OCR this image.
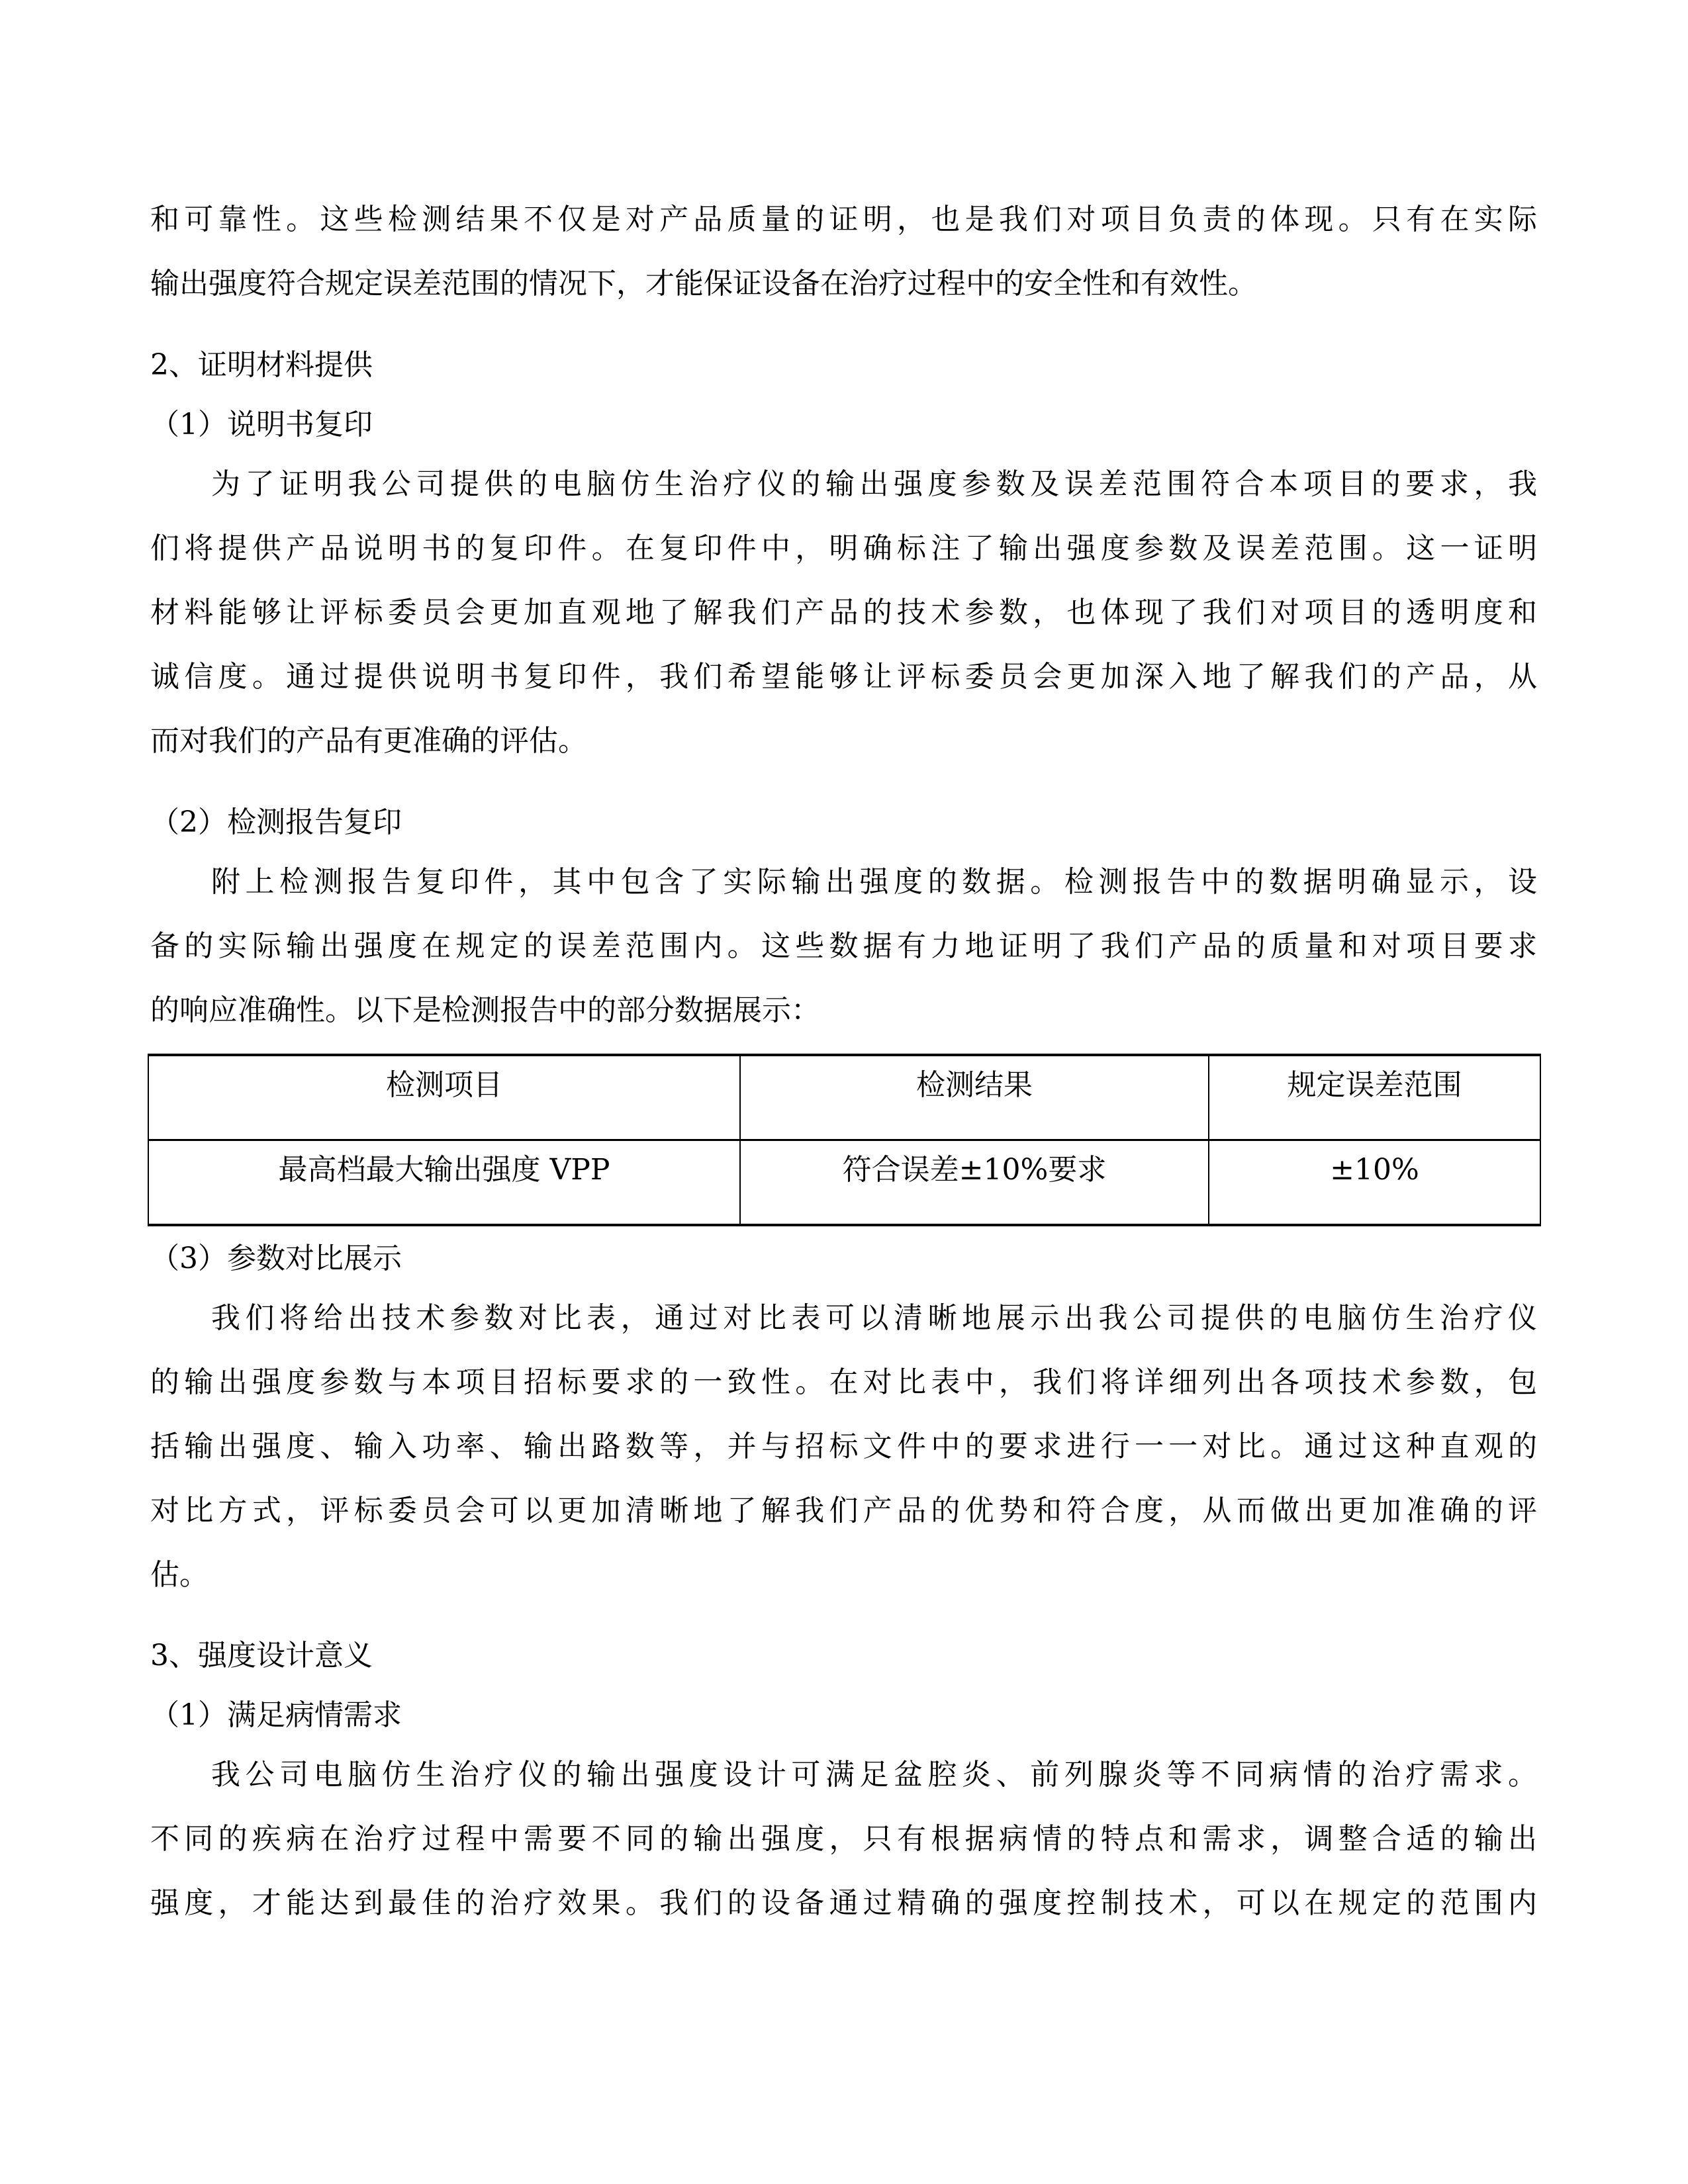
和可靠性。这些检测结果不仅是对产品质量的证明，也是我们对项目负责的体现。只有在实际
输出强度符合规定误差范围的情况下，才能保证设备在治疗过程中的安全性和有效性。
2、证明材料提供
（1）说明书复印
为了证明我公司提供的电脑仿生治疗仪的输出强度参数及误差范围符合本项目的要求，我
们将提供产品说明书的复印件。在复印件中，明确标注了输出强度参数及误差范围。这一证明
材料能够让评标委员会更加直观地了解我们产品的技术参数，也体现了我们对项目的透明度和
诚信度。通过提供说明书复印件，我们希望能够让评标委员会更加深入地了解我们的产品，从
而对我们的产品有更准确的评估。
（2）检测报告复印
附上检测报告复印件，其中包含了实际输出强度的数据。检测报告中的数据明确显示，设
备的实际输出强度在规定的误差范围内。这些数据有力地证明了我们产品的质量和对项目要求
的响应准确性。以下是检测报告中的部分数据展示：
检测项目	检测结果	规定误差范围
最高档最大输出强度 VPP	符合误差±10%要求	±10%
（3）参数对比展示
我们将给出技术参数对比表，通过对比表可以清晰地展示出我公司提供的电脑仿生治疗仪
的输出强度参数与本项目招标要求的一致性。在对比表中，我们将详细列出各项技术参数，包
括输出强度、输入功率、输出路数等，并与招标文件中的要求进行一一对比。通过这种直观的
对比方式，评标委员会可以更加清晰地了解我们产品的优势和符合度，从而做出更加准确的评
估。
3、强度设计意义
（1）满足病情需求
我公司电脑仿生治疗仪的输出强度设计可满足盆腔炎、前列腺炎等不同病情的治疗需求。
不同的疾病在治疗过程中需要不同的输出强度，只有根据病情的特点和需求，调整合适的输出
强度，才能达到最佳的治疗效果。我们的设备通过精确的强度控制技术，可以在规定的范围内
